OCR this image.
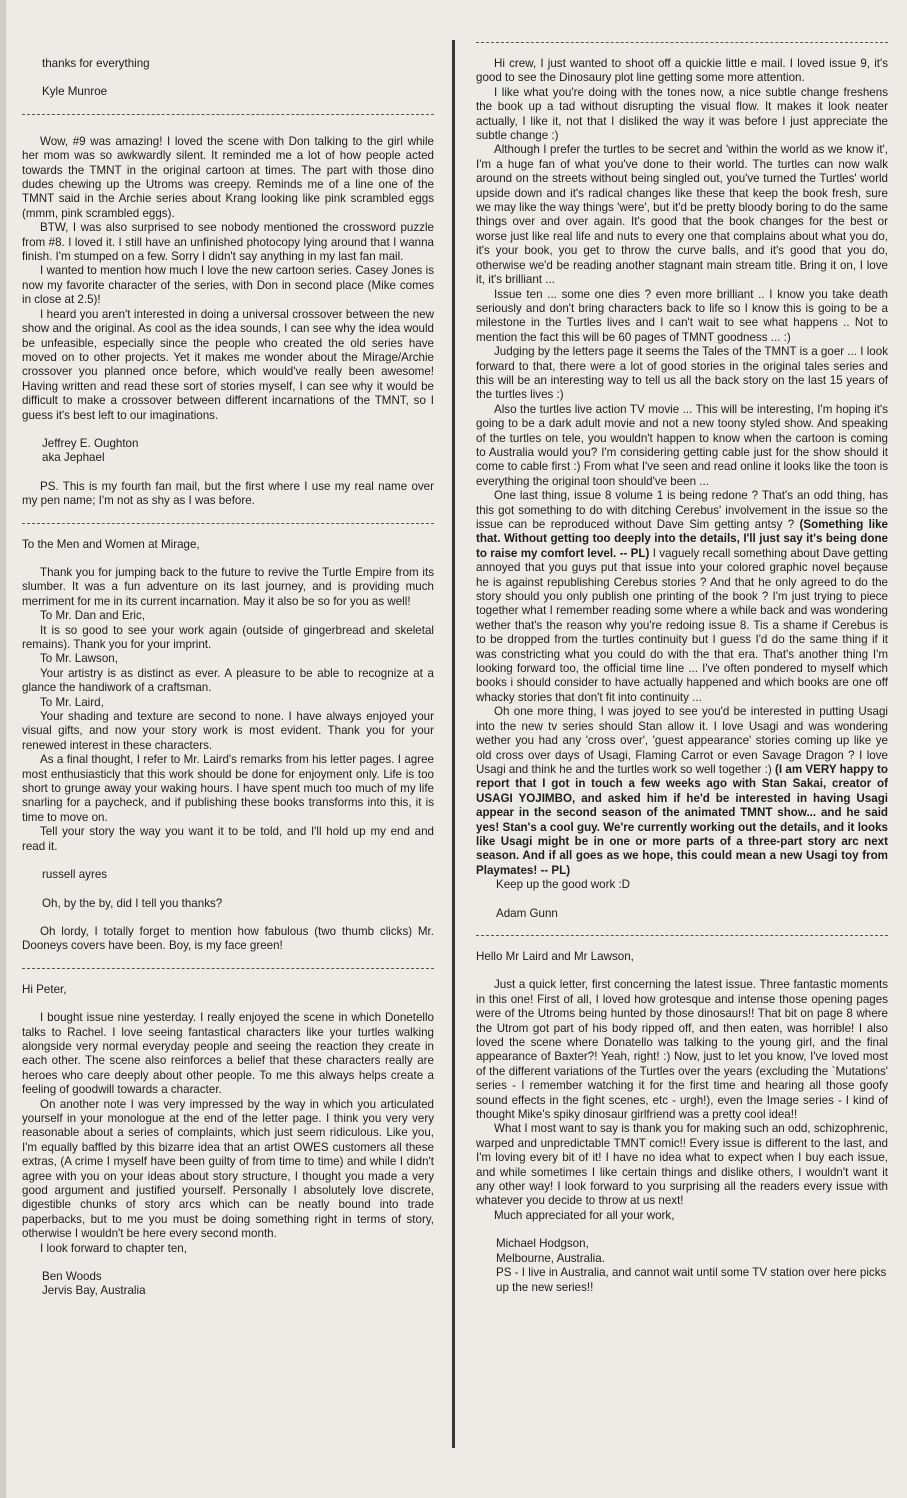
thanks for everything

Kyle Munroe

Wow, #9 was amazing! I loved the scene with Don talking to the girl while her mom was so awkwardly silent. It reminded me a lot of how people acted towards the TMNT in the original cartoon at times. The part with those dino dudes chewing up the Utroms was creepy. Reminds me of a line one of the TMNT said in the Archie series about Krang looking like pink scrambled eggs (mmm, pink scrambled eggs).

BTW, I was also surprised to see nobody mentioned the crossword puzzle from #8. I loved it. I still have an unfinished photocopy lying around that I wanna finish. I'm stumped on a few. Sorry I didn't say anything in my last fan mail.

I wanted to mention how much I love the new cartoon series. Casey Jones is now my favorite character of the series, with Don in second place (Mike comes in close at 2.5)!

I heard you aren't interested in doing a universal crossover between the new show and the original. As cool as the idea sounds, I can see why the idea would be unfeasible, especially since the people who created the old series have moved on to other projects. Yet it makes me wonder about the Mirage/Archie crossover you planned once before, which would've really been awesome! Having written and read these sort of stories myself, I can see why it would be difficult to make a crossover between different incarnations of the TMNT, so I guess it's best left to our imaginations.

Jeffrey E. Oughton

aka Jephael

PS. This is my fourth fan mail, but the first where I use my real name over my pen name; I'm not as shy as I was before.

To the Men and Women at Mirage,

Thank you for jumping back to the future to revive the Turtle Empire from its slumber. It was a fun adventure on its last journey, and is providing much merriment for me in its current incarnation. May it also be so for you as well!

To Mr. Dan and Eric,

It is so good to see your work again (outside of gingerbread and skeletal remains). Thank you for your imprint.

To Mr. Lawson,

Your artistry is as distinct as ever. A pleasure to be able to recognize at a glance the handiwork of a craftsman.

To Mr. Laird,

Your shading and texture are second to none. I have always enjoyed your visual gifts, and now your story work is most evident. Thank you for your renewed interest in these characters.

As a final thought, I refer to Mr. Laird's remarks from his letter pages. I agree most enthusiasticly that this work should be done for enjoyment only. Life is too short to grunge away your waking hours. I have spent much too much of my life snarling for a paycheck, and if publishing these books transforms into this, it is time to move on.

Tell your story the way you want it to be told, and I'll hold up my end and read it.

russell ayres

Oh, by the by, did I tell you thanks?

Oh lordy, I totally forget to mention how fabulous (two thumb clicks) Mr. Dooneys covers have been. Boy, is my face green!

Hi Peter,

I bought issue nine yesterday. I really enjoyed the scene in which Donetello talks to Rachel. I love seeing fantastical characters like your turtles walking alongside very normal everyday people and seeing the reaction they create in each other. The scene also reinforces a belief that these characters really are heroes who care deeply about other people. To me this always helps create a feeling of goodwill towards a character.

On another note I was very impressed by the way in which you articulated yourself in your monologue at the end of the letter page. I think you very very reasonable about a series of complaints, which just seem ridiculous. Like you, I'm equally baffled by this bizarre idea that an artist OWES customers all these extras, (A crime I myself have been guilty of from time to time) and while I didn't agree with you on your ideas about story structure, I thought you made a very good argument and justified yourself. Personally I absolutely love discrete, digestible chunks of story arcs which can be neatly bound into trade paperbacks, but to me you must be doing something right in terms of story, otherwise I wouldn't be here every second month.

I look forward to chapter ten,

Ben Woods

Jervis Bay, Australia

Hi crew, I just wanted to shoot off a quickie little e mail. I loved issue 9, it's good to see the Dinosaury plot line getting some more attention.

I like what you're doing with the tones now, a nice subtle change freshens the book up a tad without disrupting the visual flow. It makes it look neater actually, I like it, not that I disliked the way it was before I just appreciate the subtle change :)

Although I prefer the turtles to be secret and 'within the world as we know it', I'm a huge fan of what you've done to their world. The turtles can now walk around on the streets without being singled out, you've turned the Turtles' world upside down and it's radical changes like these that keep the book fresh, sure we may like the way things 'were', but it'd be pretty bloody boring to do the same things over and over again. It's good that the book changes for the best or worse just like real life and nuts to every one that complains about what you do, it's your book, you get to throw the curve balls, and it's good that you do, otherwise we'd be reading another stagnant main stream title. Bring it on, I love it, it's brilliant ...

Issue ten ... some one dies ? even more brilliant .. I know you take death seriously and don't bring characters back to life so I know this is going to be a milestone in the Turtles lives and I can't wait to see what happens .. Not to mention the fact this will be 60 pages of TMNT goodness ... :)

Judging by the letters page it seems the Tales of the TMNT is a goer ... I look forward to that, there were a lot of good stories in the original tales series and this will be an interesting way to tell us all the back story on the last 15 years of the turtles lives :)

Also the turtles live action TV movie ... This will be interesting, I'm hoping it's going to be a dark adult movie and not a new toony styled show. And speaking of the turtles on tele, you wouldn't happen to know when the cartoon is coming to Australia would you? I'm considering getting cable just for the show should it come to cable first :) From what I've seen and read online it looks like the toon is everything the original toon should've been ...

One last thing, issue 8 volume 1 is being redone ? That's an odd thing, has this got something to do with ditching Cerebus' involvement in the issue so the issue can be reproduced without Dave Sim getting antsy ? (Something like that. Without getting too deeply into the details, I'll just say it's being done to raise my comfort level. -- PL) I vaguely recall something about Dave getting annoyed that you guys put that issue into your colored graphic novel beçause he is against republishing Cerebus stories ? And that he only agreed to do the story should you only publish one printing of the book ? I'm just trying to piece together what I remember reading some where a while back and was wondering wether that's the reason why you're redoing issue 8. Tis a shame if Cerebus is to be dropped from the turtles continuity but I guess I'd do the same thing if it was constricting what you could do with the that era. That's another thing I'm looking forward too, the official time line ... I've often pondered to myself which books i should consider to have actually happened and which books are one off whacky stories that don't fit into continuity ...

Oh one more thing, I was joyed to see you'd be interested in putting Usagi into the new tv series should Stan allow it. I love Usagi and was wondering wether you had any 'cross over', 'guest appearance' stories coming up like ye old cross over days of Usagi, Flaming Carrot or even Savage Dragon ? I love Usagi and think he and the turtles work so well together :) (I am VERY happy to report that I got in touch a few weeks ago with Stan Sakai, creator of USAGI YOJIMBO, and asked him if he'd be interested in having Usagi appear in the second season of the animated TMNT show... and he said yes! Stan's a cool guy. We're currently working out the details, and it looks like Usagi might be in one or more parts of a three-part story arc next season. And if all goes as we hope, this could mean a new Usagi toy from Playmates! -- PL)

Keep up the good work :D

Adam Gunn

Hello Mr Laird and Mr Lawson,

Just a quick letter, first concerning the latest issue. Three fantastic moments in this one! First of all, I loved how grotesque and intense those opening pages were of the Utroms being hunted by those dinosaurs!! That bit on page 8 where the Utrom got part of his body ripped off, and then eaten, was horrible! I also loved the scene where Donatello was talking to the young girl, and the final appearance of Baxter?! Yeah, right! :) Now, just to let you know, I've loved most of the different variations of the Turtles over the years (excluding the `Mutations' series - I remember watching it for the first time and hearing all those goofy sound effects in the fight scenes, etc - urgh!), even the Image series - I kind of thought Mike's spiky dinosaur girlfriend was a pretty cool idea!!

What I most want to say is thank you for making such an odd, schizophrenic, warped and unpredictable TMNT comic!! Every issue is different to the last, and I'm loving every bit of it! I have no idea what to expect when I buy each issue, and while sometimes I like certain things and dislike others, I wouldn't want it any other way! I look forward to you surprising all the readers every issue with whatever you decide to throw at us next!

Much appreciated for all your work,

Michael Hodgson,

Melbourne, Australia.

PS - I live in Australia, and cannot wait until some TV station over here picks up the new series!!
